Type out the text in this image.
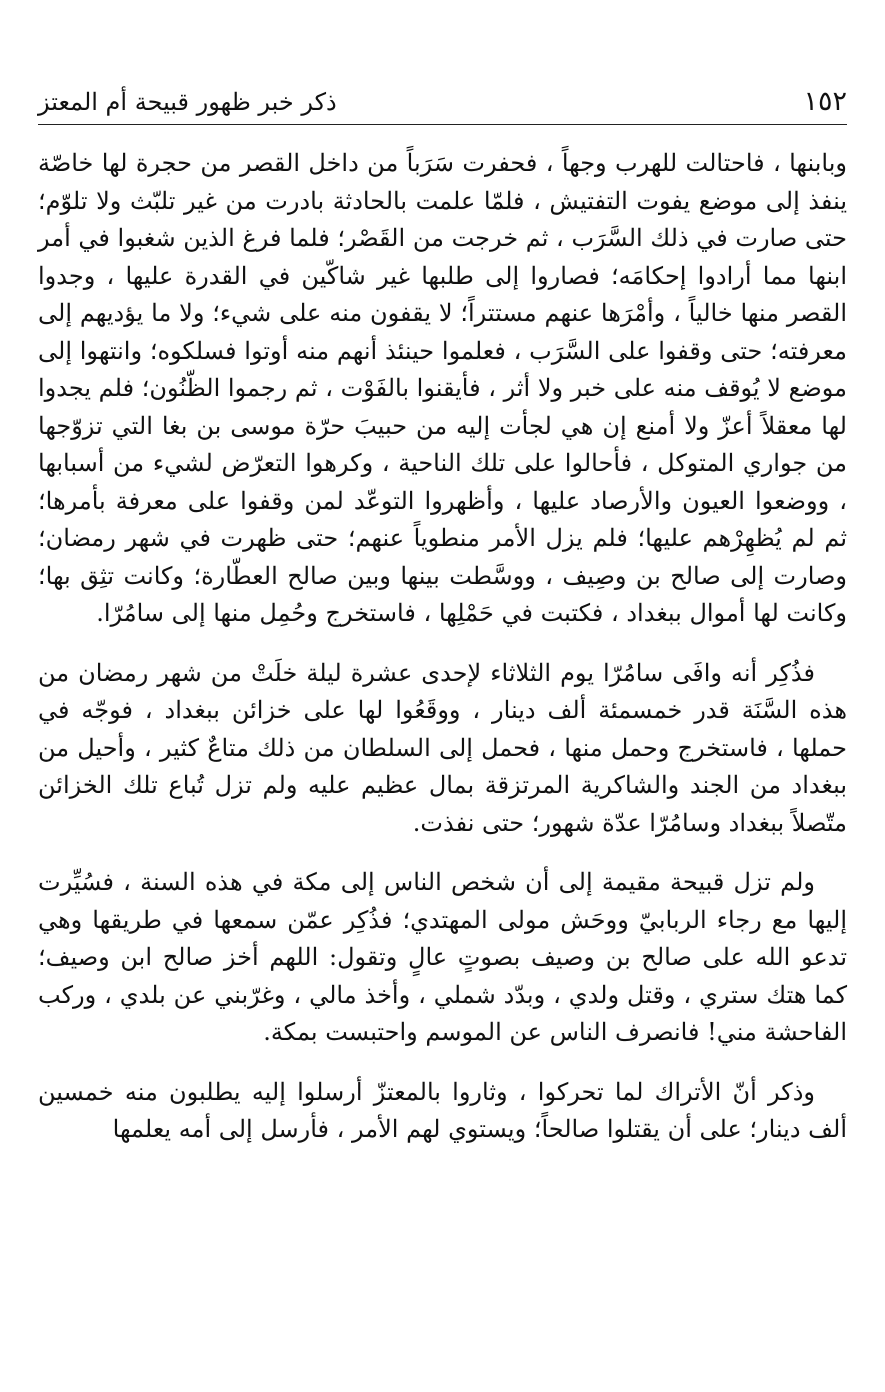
١٥٢
ذكر خبر ظهور قبيحة أم المعتز

وبابنها ، فاحتالت للهرب وجهاً ، فحفرت سَرَباً من داخل القصر من حجرة لها خاصّة ينفذ إلى موضع يفوت التفتيش ، فلمّا علمت بالحادثة بادرت من غير تلبّث ولا تلوّم؛ حتى صارت في ذلك السَّرَب ، ثم خرجت من القَصْر؛ فلما فرغ الذين شغبوا في أمر ابنها مما أرادوا إحكامَه؛ فصاروا إلى طلبها غير شاكّين في القدرة عليها ، وجدوا القصر منها خالياً ، وأمْرَها عنهم مستتراً؛ لا يقفون منه على شيء؛ ولا ما يؤديهم إلى معرفته؛ حتى وقفوا على السَّرَب ، فعلموا حينئذ أنهم منه أوتوا فسلكوه؛ وانتهوا إلى موضع لا يُوقف منه على خبر ولا أثر ، فأيقنوا بالفَوْت ، ثم رجموا الظّنُون؛ فلم يجدوا لها معقلاً أعزّ ولا أمنع إن هي لجأت إليه من حبيبَ حرّة موسى بن بغا التي تزوّجها من جواري المتوكل ، فأحالوا على تلك الناحية ، وكرهوا التعرّض لشيء من أسبابها ، ووضعوا العيون والأرصاد عليها ، وأظهروا التوعّد لمن وقفوا على معرفة بأمرها؛ ثم لم يُظهِرْهم عليها؛ فلم يزل الأمر منطوياً عنهم؛ حتى ظهرت في شهر رمضان؛ وصارت إلى صالح بن وصِيف ، ووسَّطت بينها وبين صالح العطّارة؛ وكانت تثِق بها؛ وكانت لها أموال ببغداد ، فكتبت في حَمْلِها ، فاستخرج وحُمِل منها إلى سامُرّا.

فذُكِر أنه وافَى سامُرّا يوم الثلاثاء لإحدى عشرة ليلة خلَتْ من شهر رمضان من هذه السَّنَة قدر خمسمئة ألف دينار ، ووقَعُوا لها على خزائن ببغداد ، فوجّه في حملها ، فاستخرج وحمل منها ، فحمل إلى السلطان من ذلك متاعٌ كثير ، وأحيل من ببغداد من الجند والشاكرية المرتزقة بمال عظيم عليه ولم تزل تُباع تلك الخزائن متّصلاً ببغداد وسامُرّا عدّة شهور؛ حتى نفذت.

ولم تزل قبيحة مقيمة إلى أن شخص الناس إلى مكة في هذه السنة ، فسُيِّرت إليها مع رجاء الربابيّ ووحَش مولى المهتدي؛ فذُكِر عمّن سمعها في طريقها وهي تدعو الله على صالح بن وصيف بصوتٍ عالٍ وتقول: اللهم أخز صالح ابن وصيف؛ كما هتك ستري ، وقتل ولدي ، وبدّد شملي ، وأخذ مالي ، وغرّبني عن بلدي ، وركب الفاحشة مني! فانصرف الناس عن الموسم واحتبست بمكة.

وذكر أنّ الأتراك لما تحركوا ، وثاروا بالمعتزّ أرسلوا إليه يطلبون منه خمسين ألف دينار؛ على أن يقتلوا صالحاً؛ ويستوي لهم الأمر ، فأرسل إلى أمه يعلمها
